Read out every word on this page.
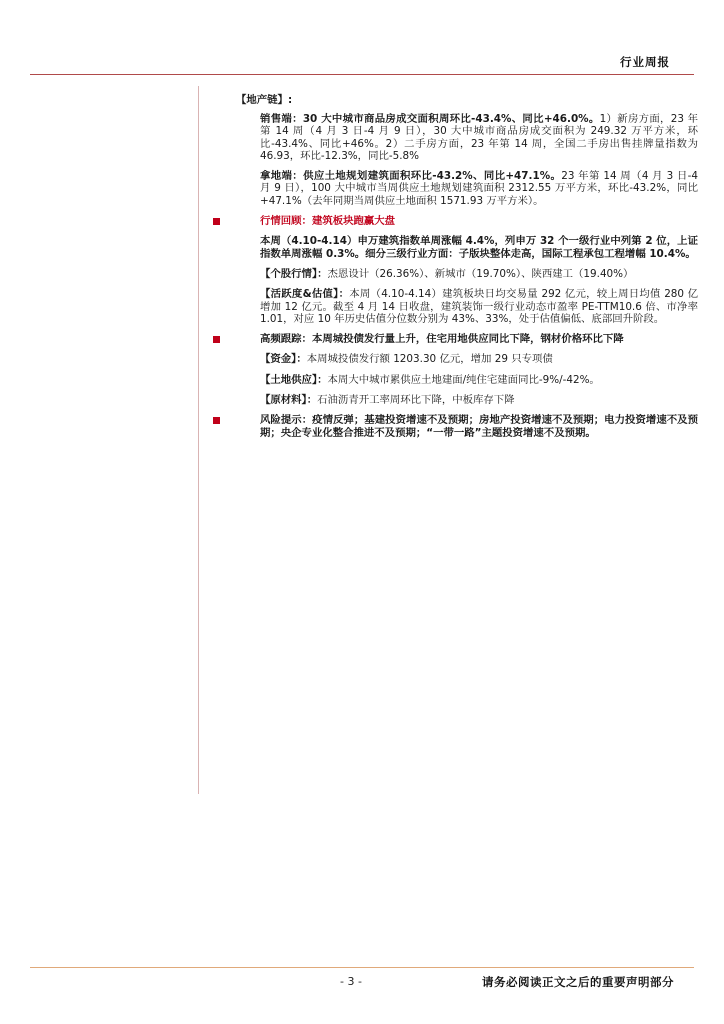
行业周报
【地产链】:

销售端：30 大中城市商品房成交面积周环比-43.4%、同比+46.0%。1）新房方面，23 年第 14 周（4 月 3 日-4 月 9 日），30 大中城市商品房成交面积为 249.32 万平方米，环比-43.4%、同比+46%。2）二手房方面，23 年第 14 周，全国二手房出售挂牌量指数为 46.93，环比-12.3%，同比-5.8%

拿地端：供应土地规划建筑面积环比-43.2%、同比+47.1%。23 年第 14 周（4 月 3 日-4 月 9 日），100 大中城市当周供应土地规划建筑面积 2312.55 万平方米，环比-43.2%，同比+47.1%（去年同期当周供应土地面积 1571.93 万平方米）。

行情回顾：建筑板块跑赢大盘

本周（4.10-4.14）申万建筑指数单周涨幅 4.4%，列申万 32 个一级行业中列第 2 位，上证指数单周涨幅 0.3%。细分三级行业方面：子版块整体走高，国际工程承包工程增幅 10.4%。

【个股行情】：杰恩设计（26.36%）、新城市（19.70%）、陕西建工（19.40%）

【活跃度&估值】：本周（4.10-4.14）建筑板块日均交易量 292 亿元，较上周日均值 280 亿增加 12 亿元。截至 4 月 14 日收盘，建筑装饰一级行业动态市盈率 PE-TTM10.6 倍、市净率 1.01，对应 10 年历史估值分位数分别为 43%、33%，处于估值偏低、底部回升阶段。

高频跟踪：本周城投债发行量上升，住宅用地供应同比下降，钢材价格环比下降

【资金】：本周城投债发行额 1203.30 亿元，增加 29 只专项债

【土地供应】：本周大中城市累供应土地建面/纯住宅建面同比-9%/-42%。

【原材料】：石油沥青开工率周环比下降，中板库存下降

风险提示：疫情反弹；基建投资增速不及预期；房地产投资增速不及预期；电力投资增速不及预期；央企专业化整合推进不及预期；“一带一路”主题投资增速不及预期。

- 3 -	请务必阅读正文之后的重要声明部分
